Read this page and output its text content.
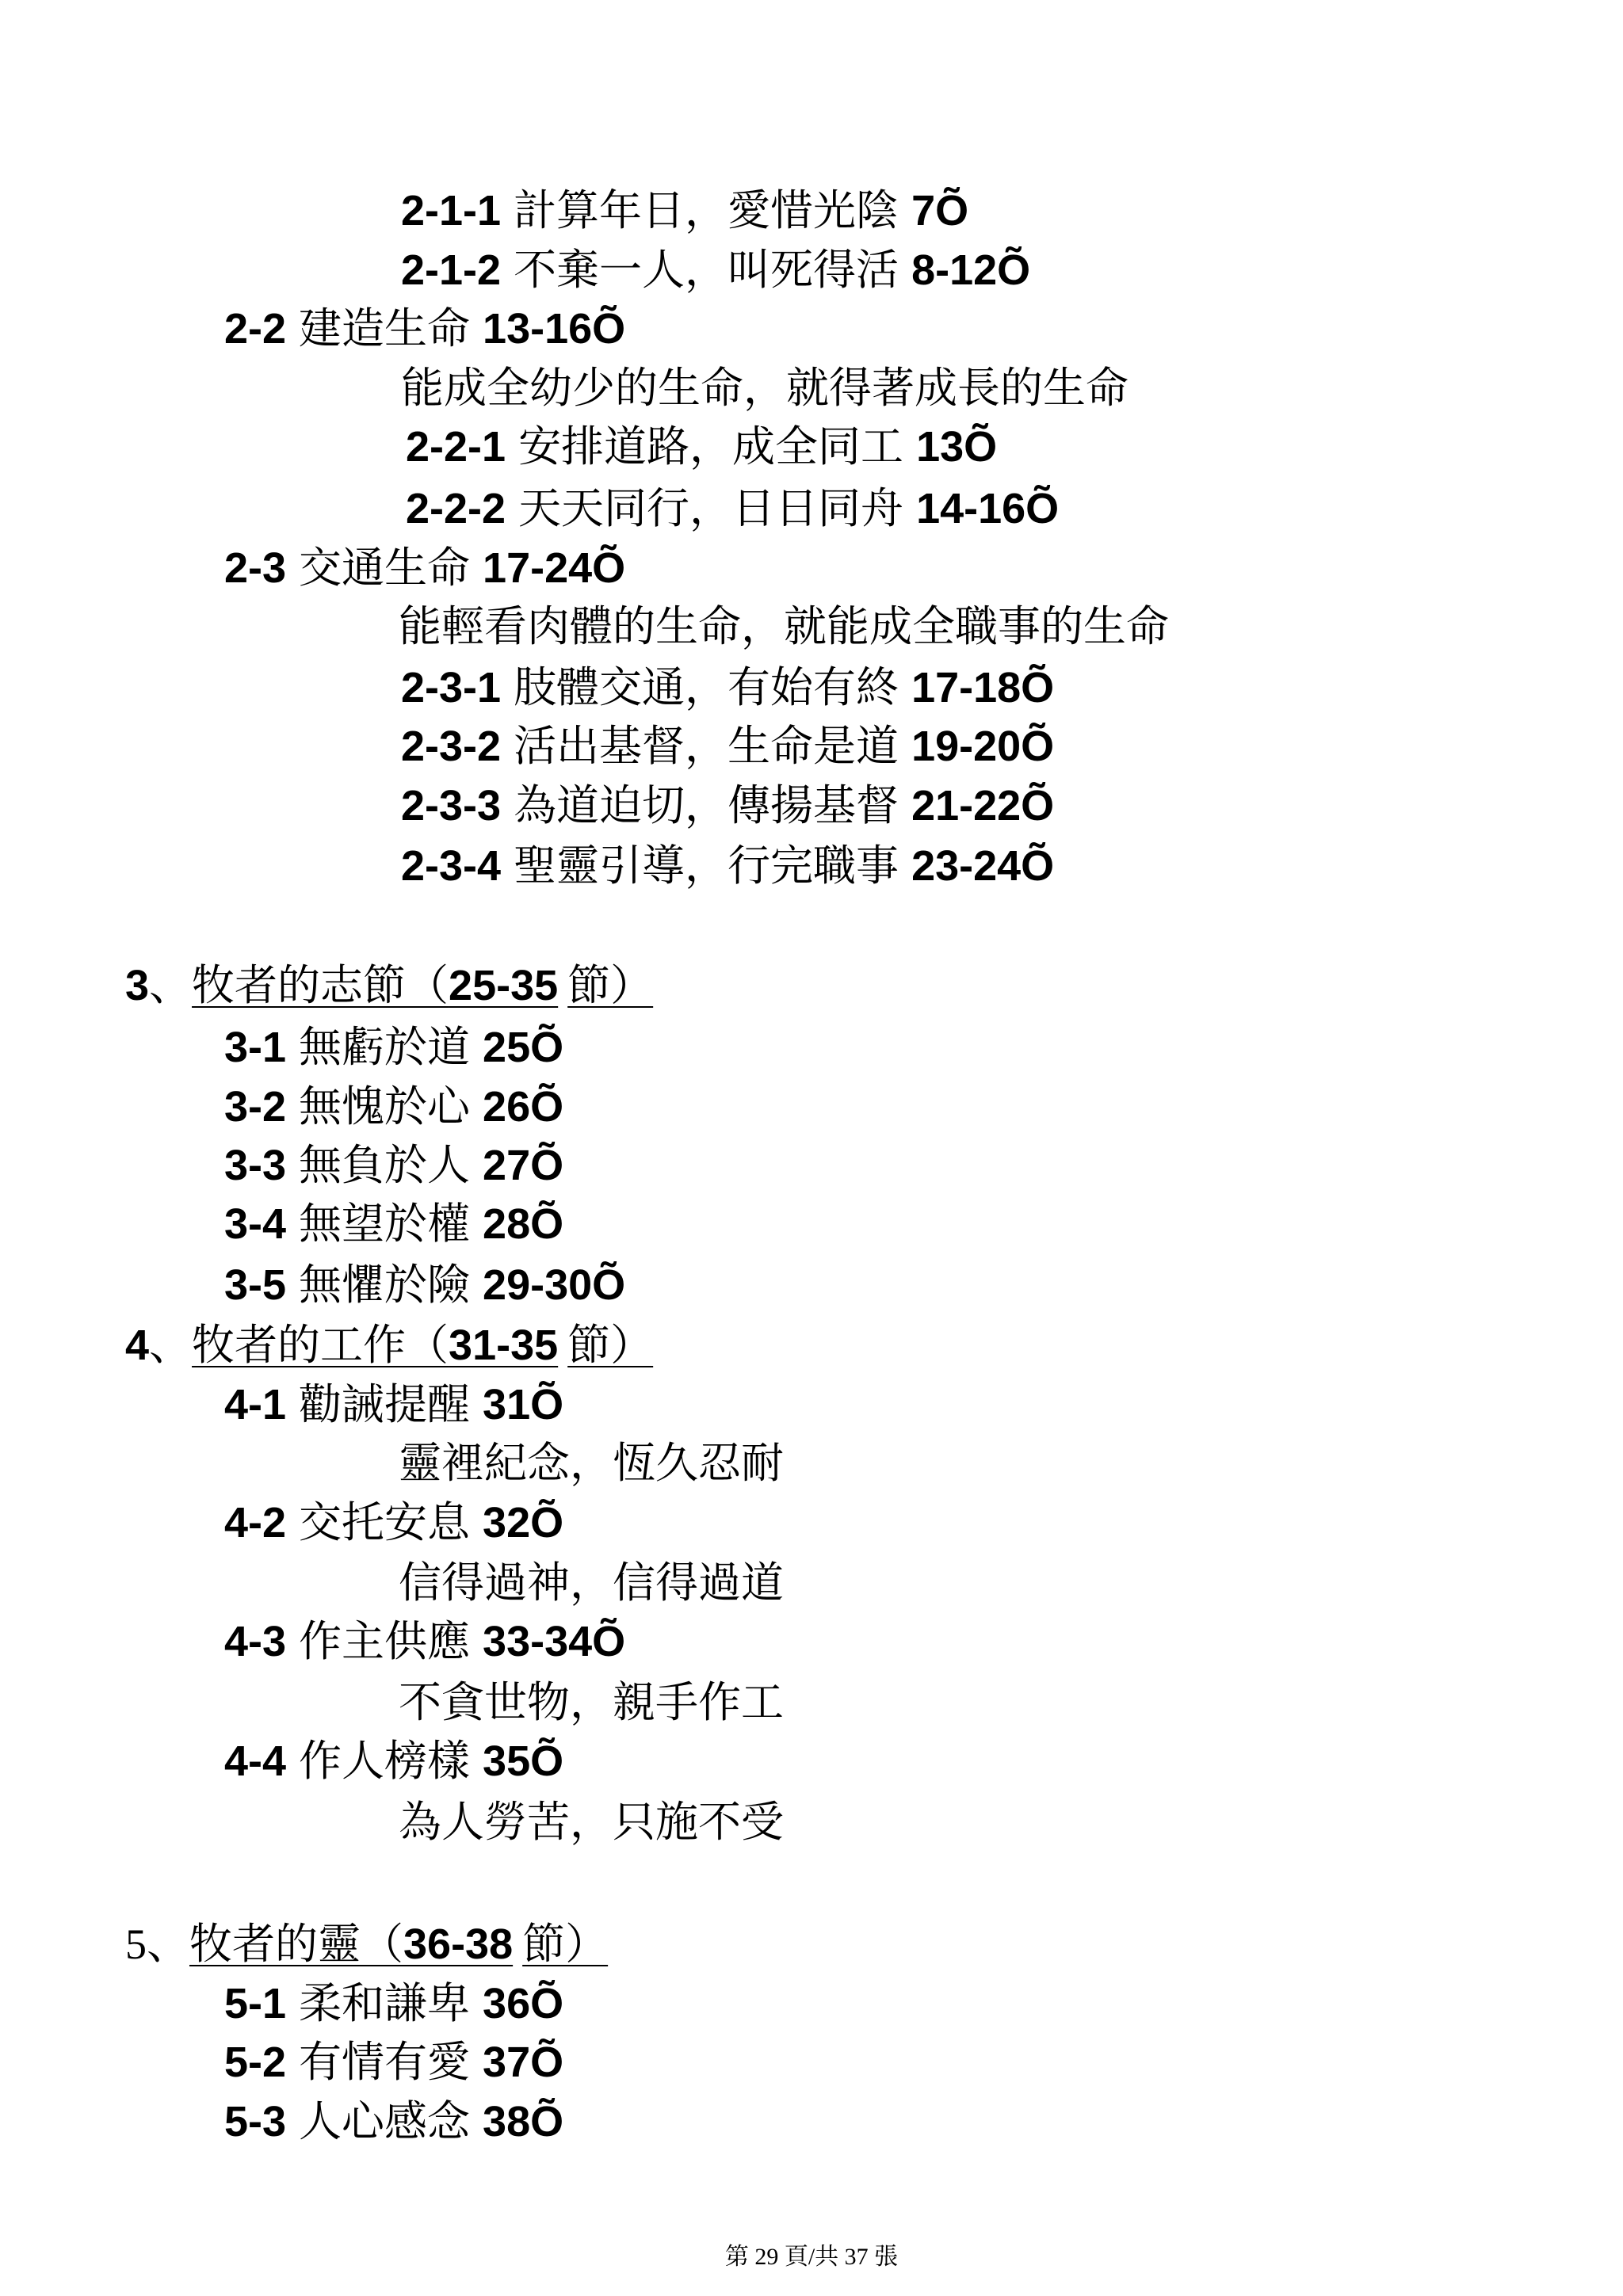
2-1-1 計算年日，愛惜光陰 7Õ
2-1-2 不棄一人，叫死得活 8-12Õ
2-2 建造生命 13-16Õ
能成全幼少的生命，就得著成長的生命
2-2-1 安排道路，成全同工 13Õ
2-2-2 天天同行，日日同舟 14-16Õ
2-3 交通生命 17-24Õ
能輕看肉體的生命，就能成全職事的生命
2-3-1 肢體交通，有始有終 17-18Õ
2-3-2 活出基督，生命是道 19-20Õ
2-3-3 為道迫切，傳揚基督 21-22Õ
2-3-4 聖靈引導，行完職事 23-24Õ
3、牧者的志節（25-35 節）
3-1 無虧於道 25Õ
3-2 無愧於心 26Õ
3-3 無負於人 27Õ
3-4 無望於權 28Õ
3-5 無懼於險 29-30Õ
4、牧者的工作（31-35 節）
4-1 勸誡提醒 31Õ
靈裡紀念，恆久忍耐
4-2 交托安息 32Õ
信得過神，信得過道
4-3 作主供應 33-34Õ
不貪世物，親手作工
4-4 作人榜樣 35Õ
為人勞苦，只施不受
5、牧者的靈（36-38 節）
5-1 柔和謙卑 36Õ
5-2 有情有愛 37Õ
5-3 人心感念 38Õ
第 29 頁/共 37 張
